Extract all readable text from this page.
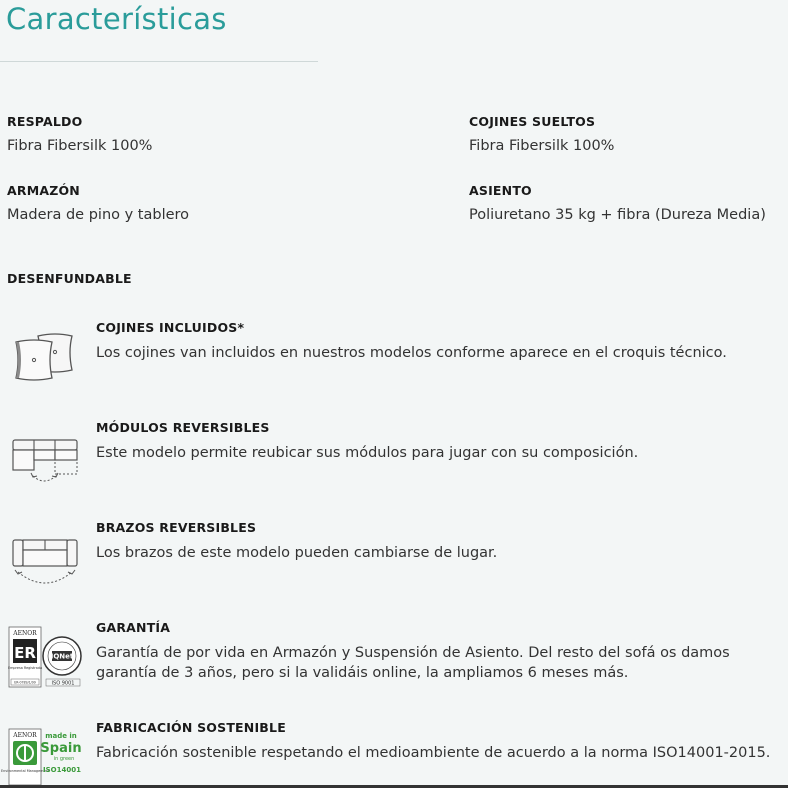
Características
RESPALDO
Fibra Fibersilk 100%
COJINES SUELTOS
Fibra Fibersilk 100%
ARMAZÓN
Madera de pino y tablero
ASIENTO
Poliuretano 35 kg + fibra (Dureza Media)
DESENFUNDABLE
COJINES INCLUIDOS*
Los cojines van incluidos en nuestros modelos conforme aparece en el croquis técnico.
MÓDULOS REVERSIBLES
Este modelo permite reubicar sus módulos para jugar con su composición.
BRAZOS REVERSIBLES
Los brazos de este modelo pueden cambiarse de lugar.
AENOR
ER
Empresa Registrada
ER-0789/1/99
IQNet
ISO 9001
GARANTÍA
Garantía de por vida en Armazón y Suspensión de Asiento. Del resto del sofá os damos garantía de 3 años, pero si la validáis online, la ampliamos 6 meses más.
AENOR
Environmental Management
made in
Spain
in green
ISO14001
FABRICACIÓN SOSTENIBLE
Fabricación sostenible respetando el medioambiente de acuerdo a la norma ISO14001-2015.
